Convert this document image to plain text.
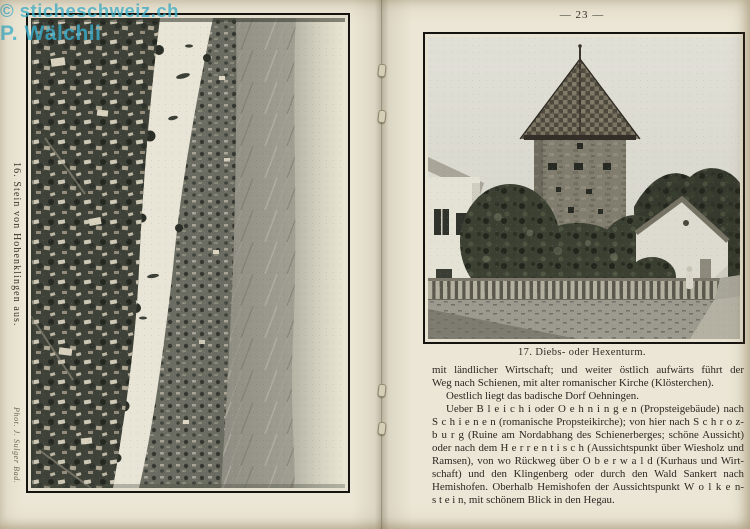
16. Stein von Hohenklingen aus.
Phot. J. Sulger Bad.
— 23 —
17. Diebs- oder Hexenturm.

mit ländlicher Wirtschaft; und weiter östlich aufwärts führt der

Weg nach Schienen, mit alter romanischer Kirche (Klösterchen).

Oestlich liegt das badische Dorf Oehningen.

Ueber B l e i c h i oder O e h n i n g e n (Propsteigebäude) nach

S c h i e n e n (romanische Propsteikirche); von hier nach S c h r o z-

b u r g (Ruine am Nordabhang des Schienerberges; schöne Aussicht)

oder nach dem H e r r e n t i s c h (Aussichtspunkt über Wiesholz und

Ramsen), von wo Rückweg über O b e r w a l d (Kurhaus und Wirt-

schaft) und den Klingenberg oder durch den Wald Sankert nach

Hemishofen. Oberhalb Hemishofen der Aussichtspunkt W o l k e n-

s t e i n, mit schönem Blick in den Hegau.

© sticheschweiz.ch
P. Wälchli
